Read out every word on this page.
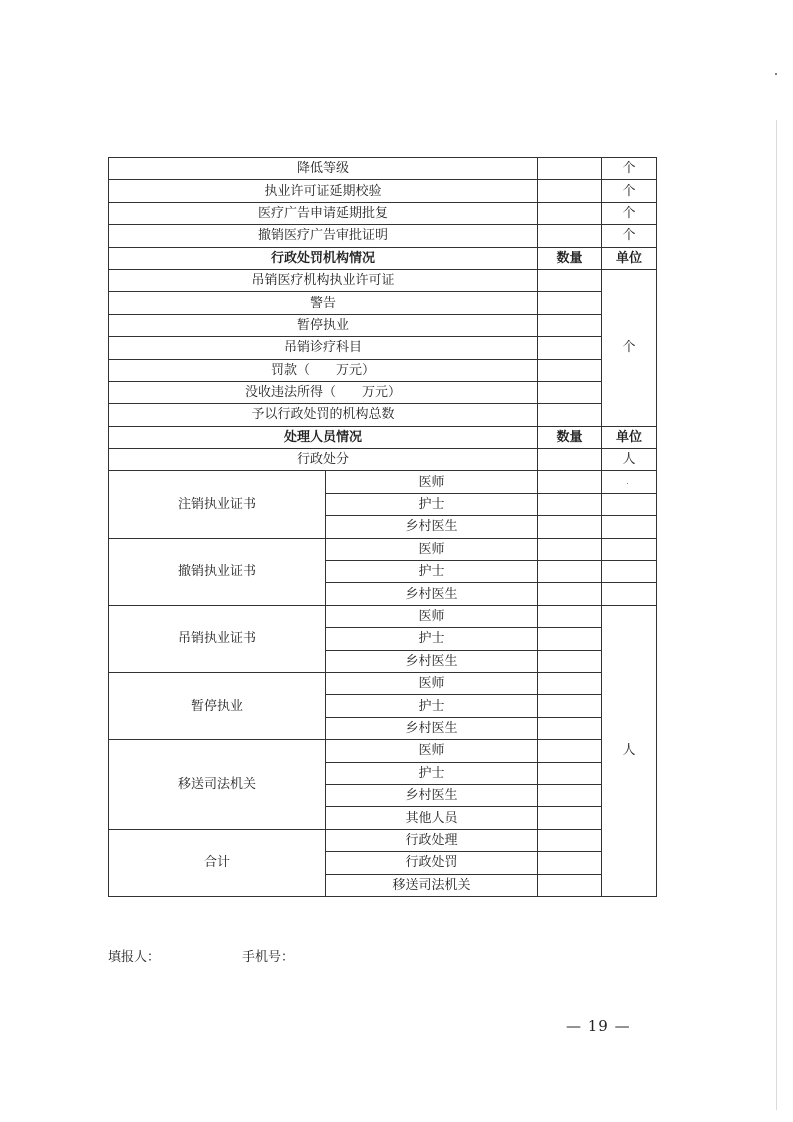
降低等级			个
执业许可证延期校验			个
医疗广告申请延期批复			个
撤销医疗广告审批证明			个
行政处罚机构情况		数量	单位
吊销医疗机构执业许可证			个
警告			
暂停执业			
吊销诊疗科目			
罚款（　　万元）			
没收违法所得（　　万元）			
予以行政处罚的机构总数			
处理人员情况		数量	单位
行政处分			人
注销执业证书	医师		
	护士		
	乡村医生		
撤销执业证书	医师		
	护士		
	乡村医生		
吊销执业证书	医师		人
	护士		
	乡村医生		
暂停执业	医师		
	护士		
	乡村医生		
移送司法机关	医师		
	护士		
	乡村医生		
	其他人员		
合计	行政处理		
	行政处罚		
	移送司法机关		
填报人：	手机号：
— 19 —
